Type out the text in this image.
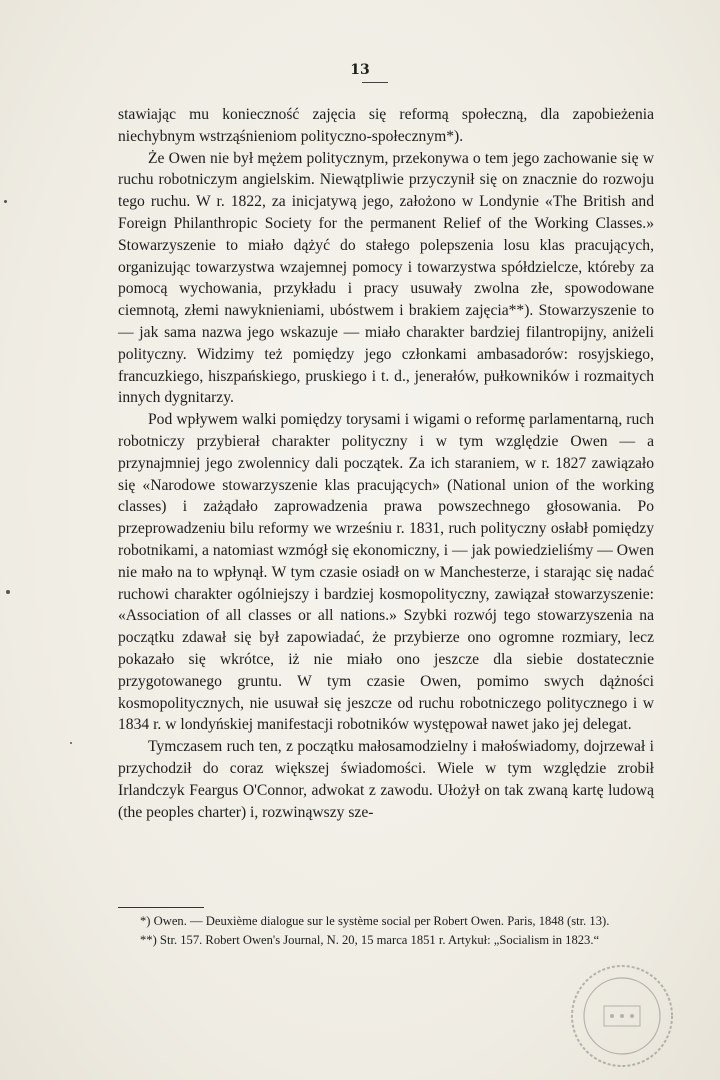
13

stawiając mu konieczność zajęcia się reformą społeczną, dla zapobieżenia niechybnym wstrząśnieniom polityczno-społecznym*).

Że Owen nie był mężem politycznym, przekonywa o tem jego zachowanie się w ruchu robotniczym angielskim. Niewątpliwie przyczynił się on znacznie do rozwoju tego ruchu. W r. 1822, za inicjatywą jego, założono w Londynie «The British and Foreign Philanthropic Society for the permanent Relief of the Working Classes.» Stowarzyszenie to miało dążyć do stałego polepszenia losu klas pracujących, organizując towarzystwa wzajemnej pomocy i towarzystwa spółdzielcze, któreby za pomocą wychowania, przykładu i pracy usuwały zwolna złe, spowodowane ciemnotą, złemi nawyknieniami, ubóstwem i brakiem zajęcia**). Stowarzyszenie to — jak sama nazwa jego wskazuje — miało charakter bardziej filantropijny, aniżeli polityczny. Widzimy też pomiędzy jego członkami ambasadorów: rosyjskiego, francuzkiego, hiszpańskiego, pruskiego i t. d., jenerałów, pułkowników i rozmaitych innych dygnitarzy.

Pod wpływem walki pomiędzy torysami i wigami o reformę parlamentarną, ruch robotniczy przybierał charakter polityczny i w tym względzie Owen — a przynajmniej jego zwolennicy dali początek. Za ich staraniem, w r. 1827 zawiązało się «Narodowe stowarzyszenie klas pracujących» (National union of the working classes) i zażądało zaprowadzenia prawa powszechnego głosowania. Po przeprowadzeniu bilu reformy we wrześniu r. 1831, ruch polityczny osłabł pomiędzy robotnikami, a natomiast wzmógł się ekonomiczny, i — jak powiedzieliśmy — Owen nie mało na to wpłynął. W tym czasie osiadł on w Manchesterze, i starając się nadać ruchowi charakter ogólniejszy i bardziej kosmopolityczny, zawiązał stowarzyszenie: «Association of all classes or all nations.» Szybki rozwój tego stowarzyszenia na początku zdawał się był zapowiadać, że przybierze ono ogromne rozmiary, lecz pokazało się wkrótce, iż nie miało ono jeszcze dla siebie dostatecznie przygotowanego gruntu. W tym czasie Owen, pomimo swych dążności kosmopolitycznych, nie usuwał się jeszcze od ruchu robotniczego politycznego i w 1834 r. w londyńskiej manifestacji robotników występował nawet jako jej delegat.

Tymczasem ruch ten, z początku małosamodzielny i małoświadomy, dojrzewał i przychodził do coraz większej świadomości. Wiele w tym względzie zrobił Irlandczyk Feargus O'Connor, adwokat z zawodu. Ułożył on tak zwaną kartę ludową (the peoples charter) i, rozwinąwszy sze-

*) Owen. — Deuxième dialogue sur le système social per Robert Owen. Paris, 1848 (str. 13).

**) Str. 157. Robert Owen's Journal, N. 20, 15 marca 1851 r. Artykuł: „Socialism in 1823.“
